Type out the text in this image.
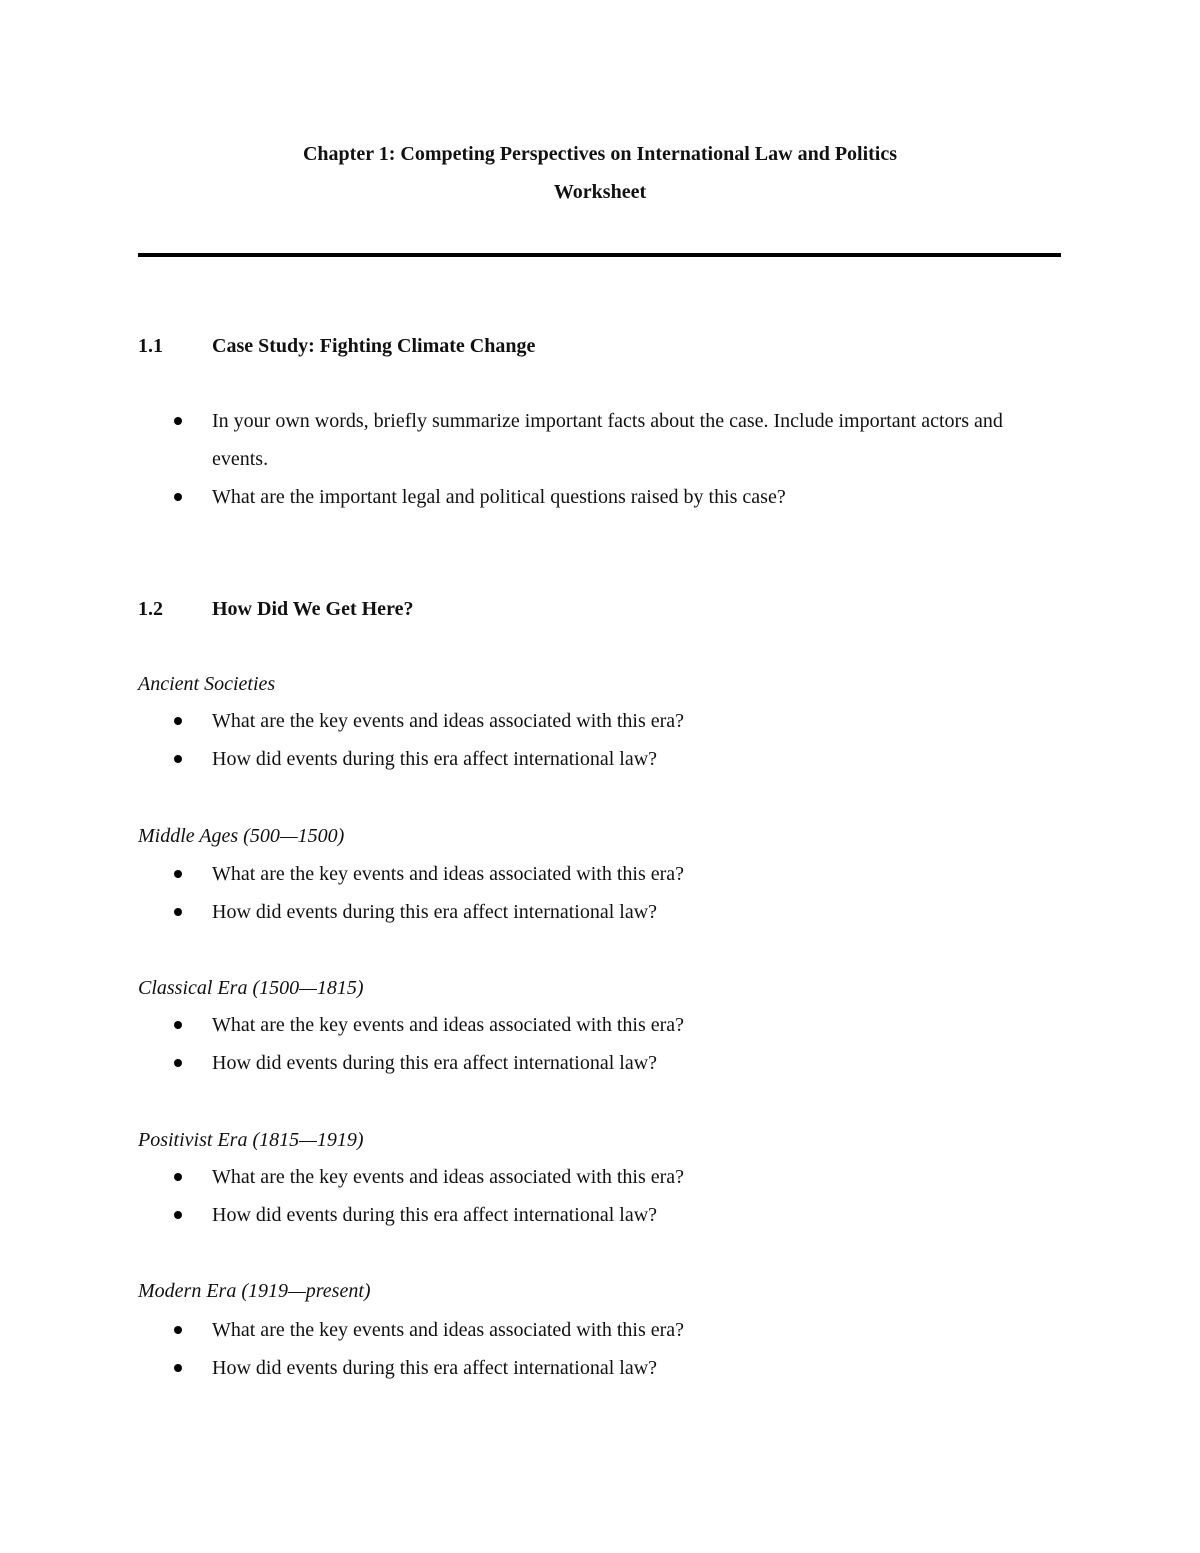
Chapter 1: Competing Perspectives on International Law and Politics
Worksheet
1.1 Case Study: Fighting Climate Change
In your own words, briefly summarize important facts about the case. Include important actors and events.
What are the important legal and political questions raised by this case?
1.2 How Did We Get Here?

Ancient Societies

What are the key events and ideas associated with this era?
How did events during this era affect international law?

Middle Ages (500—1500)

What are the key events and ideas associated with this era?
How did events during this era affect international law?

Classical Era (1500—1815)

What are the key events and ideas associated with this era?
How did events during this era affect international law?

Positivist Era (1815—1919)

What are the key events and ideas associated with this era?
How did events during this era affect international law?

Modern Era (1919—present)

What are the key events and ideas associated with this era?
How did events during this era affect international law?
